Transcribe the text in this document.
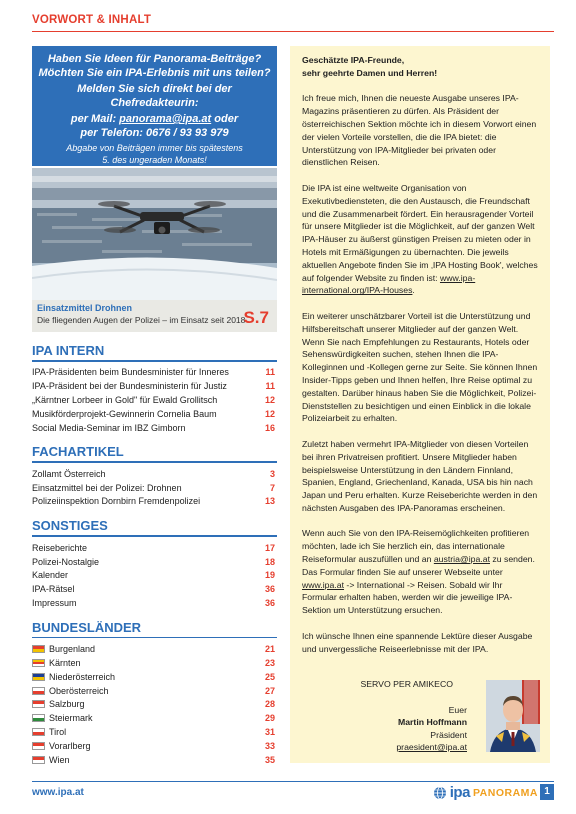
VORWORT & INHALT
Haben Sie Ideen für Panorama-Beiträge?
Möchten Sie ein IPA-Erlebnis mit uns teilen?
Melden Sie sich direkt bei der Chefredakteurin:
per Mail: panorama@ipa.at oder
per Telefon: 0676 / 93 93 979
Abgabe von Beiträgen immer bis spätestens
5. des ungeraden Monats!
Einsatzmittel Drohnen
Die fliegenden Augen der Polizei – im Einsatz seit 2018
S.7
IPA INTERN
IPA-Präsidenten beim Bundesminister für Inneres	11
IPA-Präsident bei der Bundesministerin für Justiz	11
„Kärntner Lorbeer in Gold" für Ewald Grollitsch	12
Musikförderprojekt-Gewinnerin Cornelia Baum	12
Social Media-Seminar im IBZ Gimborn	16
FACHARTIKEL
Zollamt Österreich	3
Einsatzmittel bei der Polizei: Drohnen	7
Polizeiinspektion Dornbirn Fremdenpolizei	13
SONSTIGES
Reiseberichte	17
Polizei-Nostalgie	18
Kalender	19
IPA-Rätsel	36
Impressum	36
BUNDESLÄNDER
Burgenland	21
Kärnten	23
Niederösterreich	25
Oberösterreich	27
Salzburg	28
Steiermark	29
Tirol	31
Vorarlberg	33
Wien	35
Geschätzte IPA-Freunde,
sehr geehrte Damen und Herren!

Ich freue mich, Ihnen die neueste Ausgabe unseres IPA-Magazins präsentieren zu dürfen. Als Präsident der österreichischen Sektion möchte ich in diesem Vorwort einen der vielen Vorteile vorstellen, die die IPA bietet: die Unterstützung von IPA-Mitglieder bei privaten oder dienstlichen Reisen.

Die IPA ist eine weltweite Organisation von Exekutivbediensteten, die den Austausch, die Freundschaft und die Zusammenarbeit fördert. Ein herausragender Vorteil für unsere Mitglieder ist die Möglichkeit, auf der ganzen Welt IPA-Häuser zu äußerst günstigen Preisen zu mieten oder in Hotels mit Ermäßigungen zu übernachten. Die jeweils aktuellen Angebote finden Sie im ‚IPA Hosting Book', welches auf folgender Website zu finden ist: www.ipa-international.org/IPA-Houses.

Ein weiterer unschätzbarer Vorteil ist die Unterstützung und Hilfsbereitschaft unserer Mitglieder auf der ganzen Welt. Wenn Sie nach Empfehlungen zu Restaurants, Hotels oder Sehenswürdigkeiten suchen, stehen Ihnen die IPA-Kolleginnen und -Kollegen gerne zur Seite. Sie können Ihnen Insider-Tipps geben und Ihnen helfen, Ihre Reise optimal zu gestalten. Darüber hinaus haben Sie die Möglichkeit, Polizei-Dienststellen zu besichtigen und einen Einblick in die lokale Polizeiarbeit zu erhalten.

Zuletzt haben vermehrt IPA-Mitglieder von diesen Vorteilen bei ihren Privatreisen profitiert. Unsere Mitglieder haben beispielsweise Unterstützung in den Ländern Finnland, Spanien, England, Griechenland, Kanada, USA bis hin nach Japan und Peru erhalten. Kurze Reiseberichte werden in den nächsten Ausgaben des IPA-Panoramas erscheinen.

Wenn auch Sie von den IPA-Reisemöglichkeiten profitieren möchten, lade ich Sie herzlich ein, das internationale Reiseformular auszufüllen und an austria@ipa.at zu senden. Das Formular finden Sie auf unserer Webseite unter www.ipa.at -> International -> Reisen. Sobald wir Ihr Formular erhalten haben, werden wir die jeweilige IPA-Sektion um Unterstützung ersuchen.

Ich wünsche Ihnen eine spannende Lektüre dieser Ausgabe und unvergessliche Reiseerlebnisse mit der IPA.

SERVO PER AMIKECO
Euer
Martin Hoffmann
Präsident
praesident@ipa.at
www.ipa.at	ipa PANORAMA 1
